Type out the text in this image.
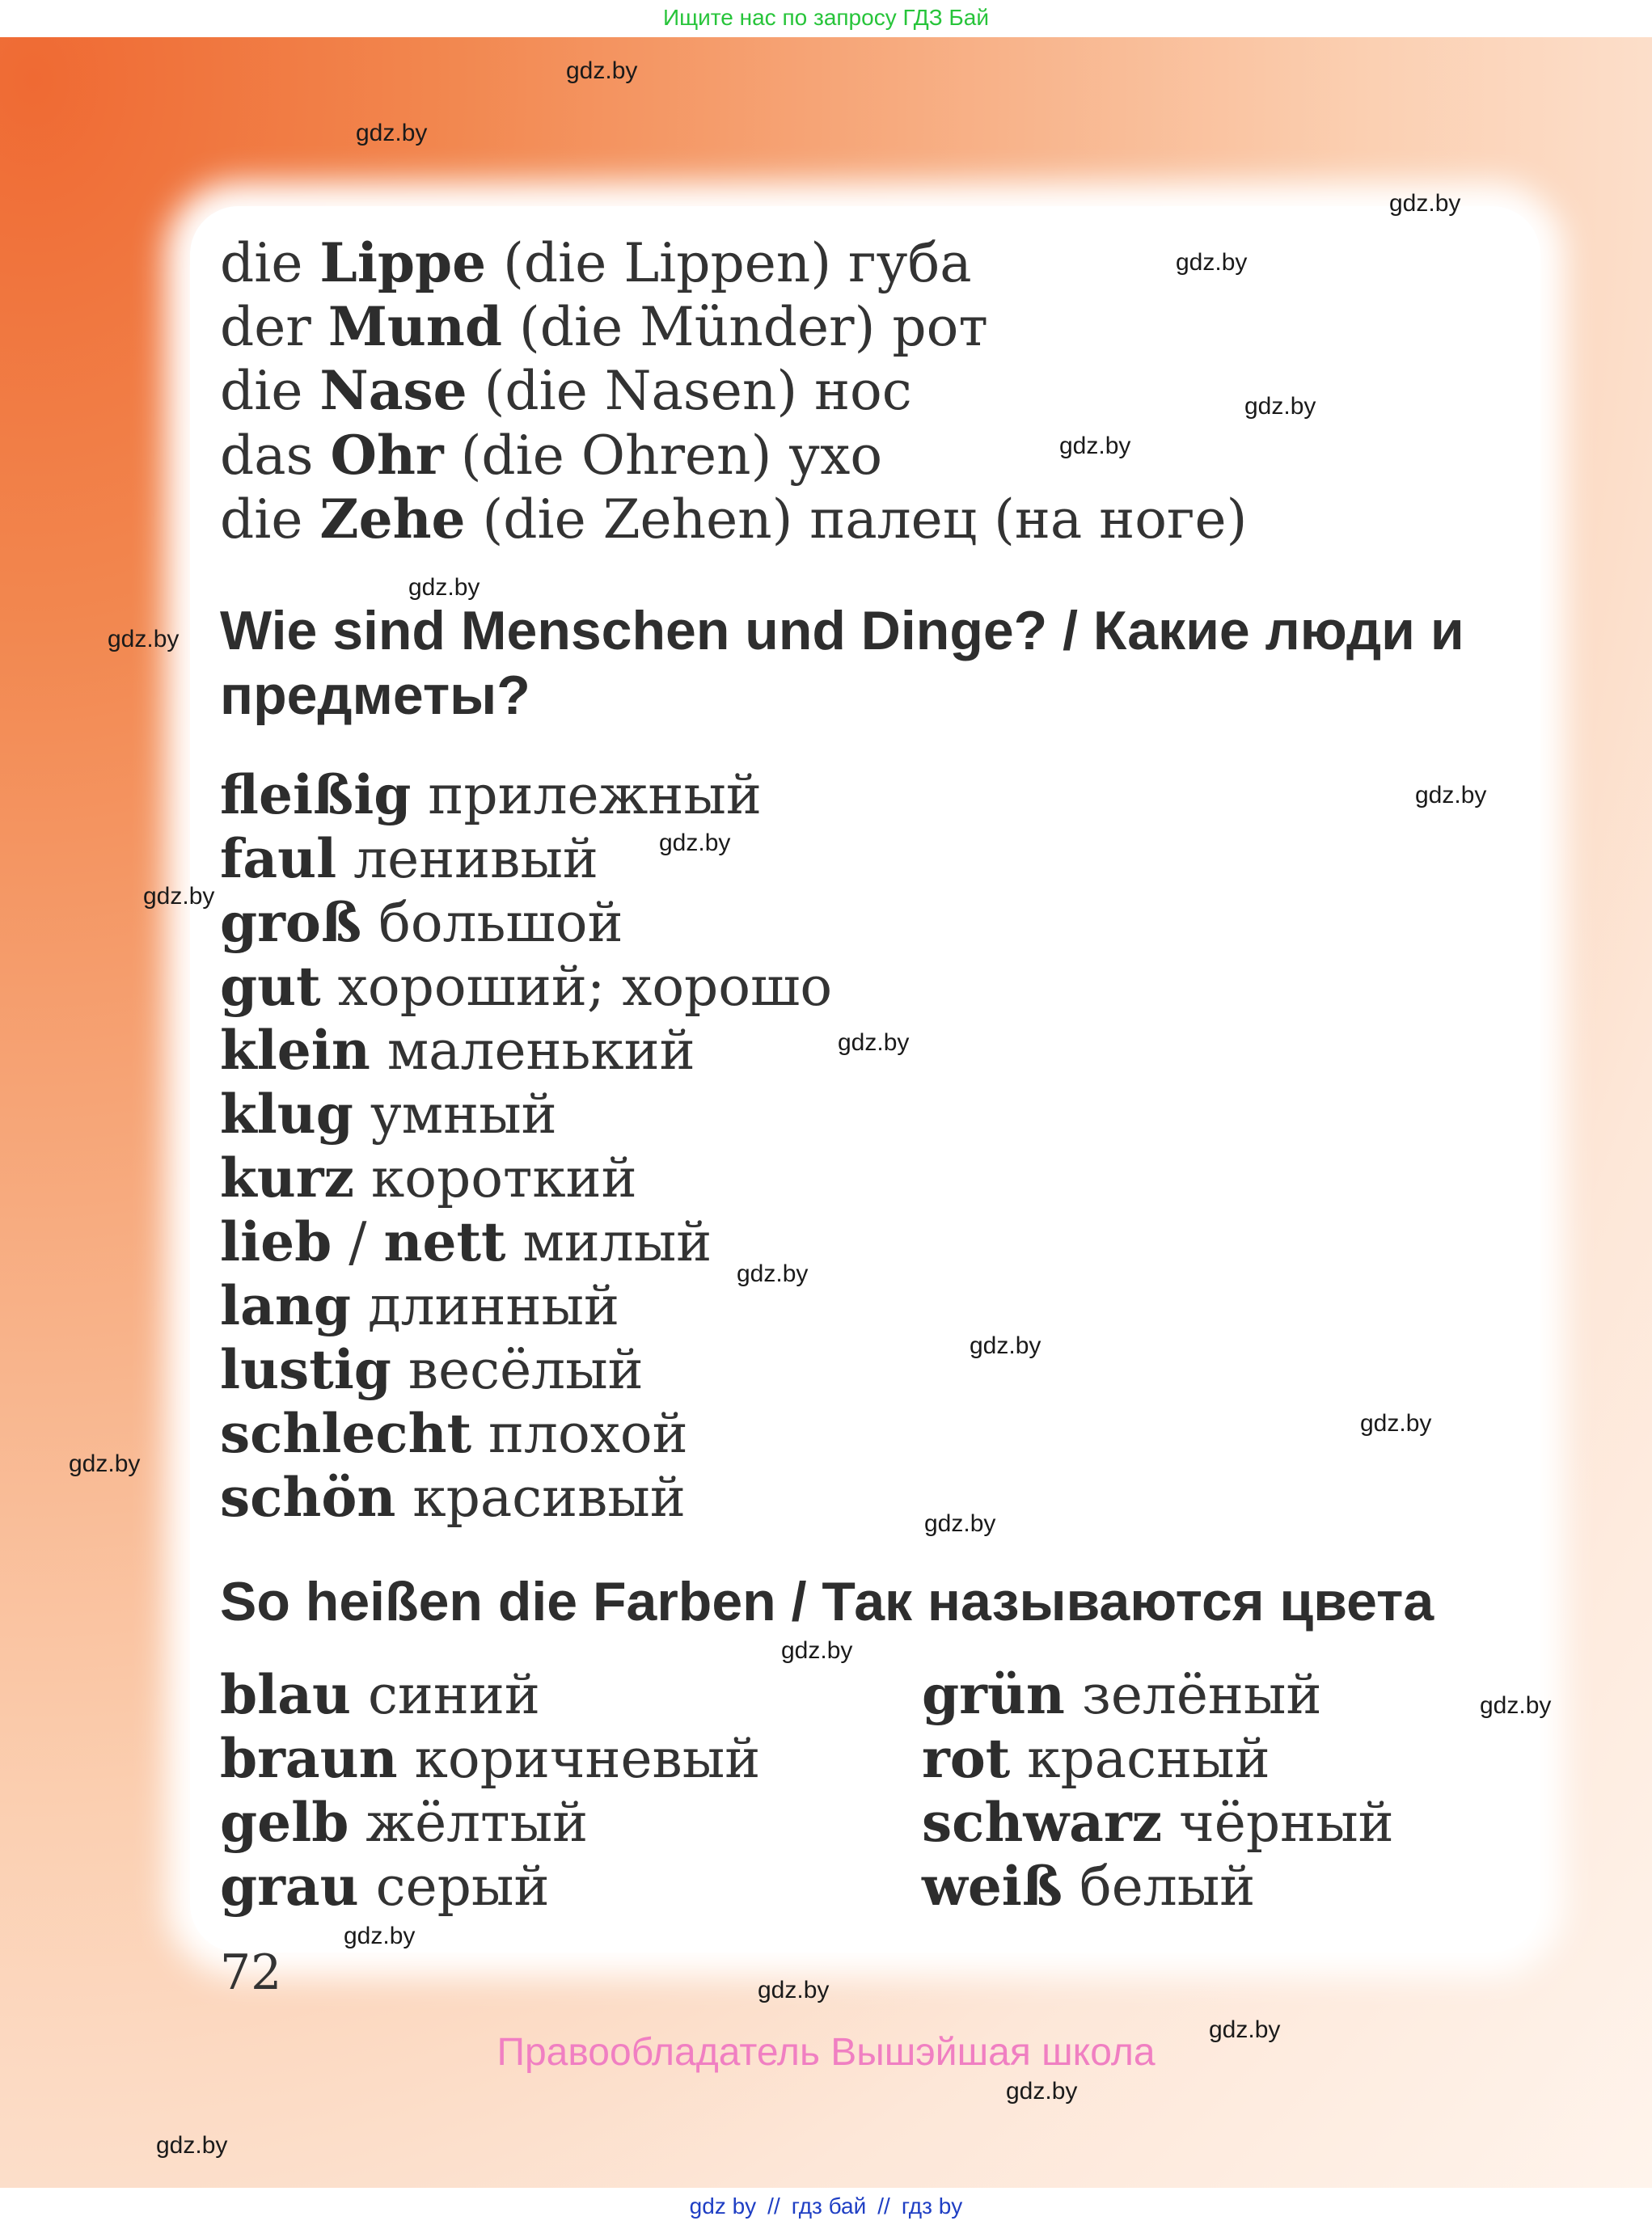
Ищите нас по запросу ГДЗ Бай
die Lippe (die Lippen) губа
der Mund (die Münder) рот
die Nase (die Nasen) нос
das Ohr (die Ohren) ухо
die Zehe (die Zehen) палец (на ноге)
Wie sind Menschen und Dinge? / Какие люди и предметы?
fleißig прилежный
faul ленивый
groß большой
gut хороший; хорошо
klein маленький
klug умный
kurz короткий
lieb / nett милый
lang длинный
lustig весёлый
schlecht плохой
schön красивый
So heißen die Farben / Так называются цвета
blau синий
braun коричневый
gelb жёлтый
grau серый
grün зелёный
rot красный
schwarz чёрный
weiß белый
72
Правообладатель Вышэйшая школа
gdz.by
gdz.by
gdz.by
gdz.by
gdz.by
gdz.by
gdz.by
gdz.by
gdz.by
gdz.by
gdz.by
gdz.by
gdz.by
gdz.by
gdz.by
gdz.by
gdz.by
gdz.by
gdz.by
gdz.by
gdz.by
gdz.by
gdz.by
gdz.by
gdz by // гдз бай // гдз by
